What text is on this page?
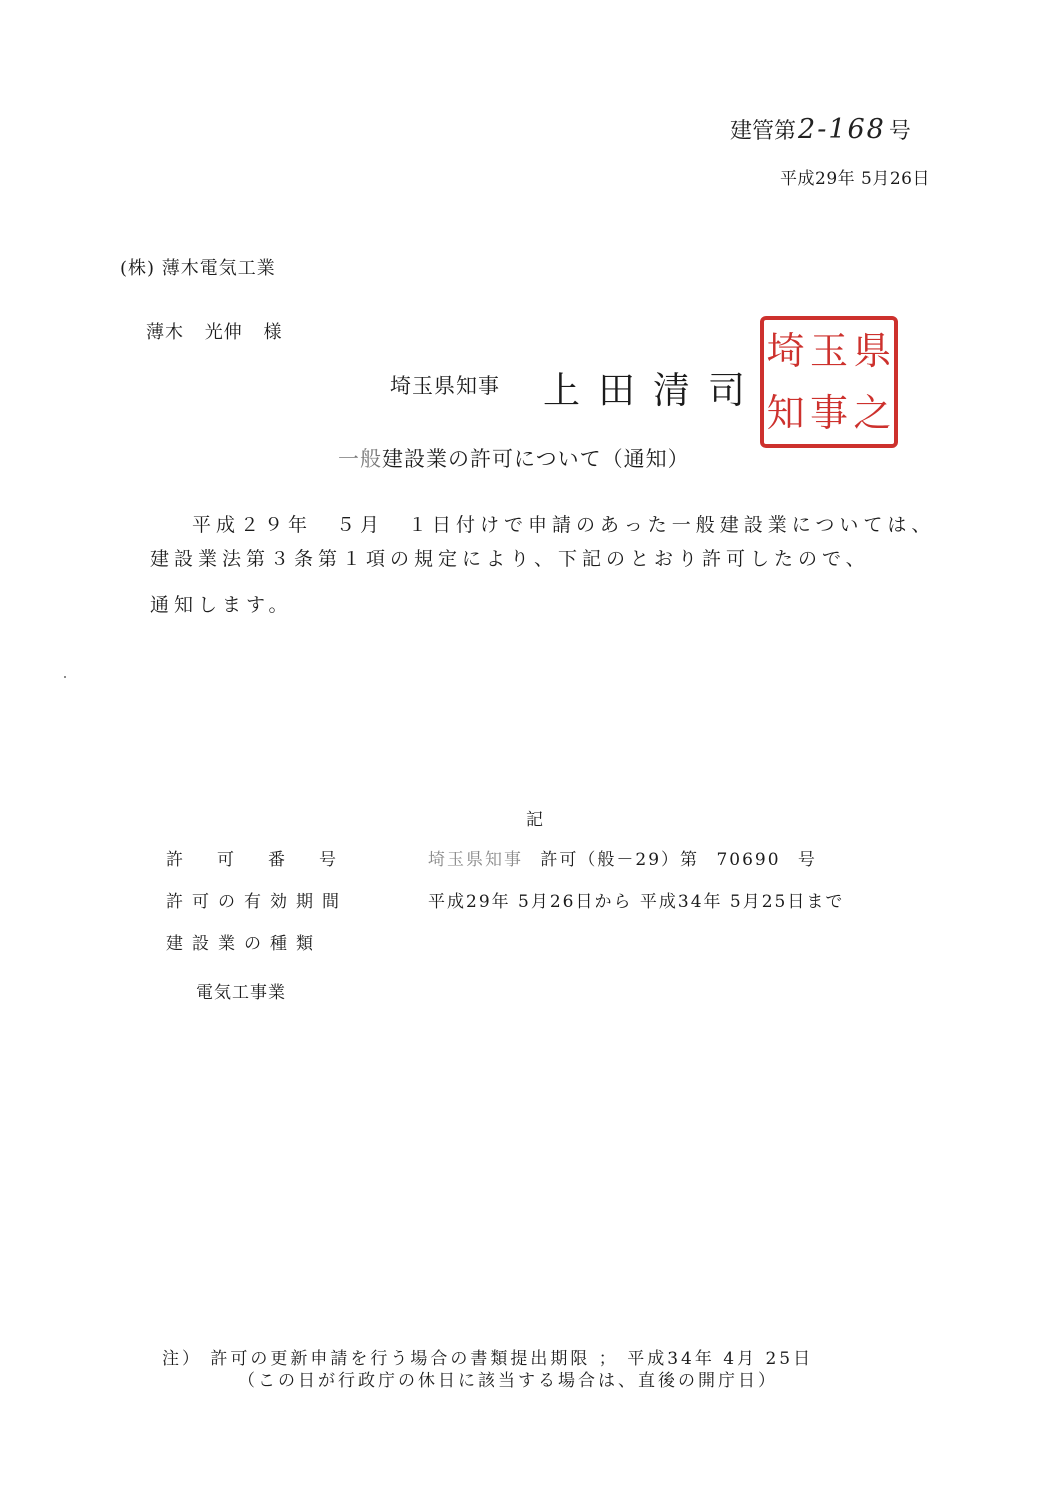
建管第2-168 号
平成29年 5月26日
(株) 薄木電気工業
薄木 光伸 様
埼玉県知事 上田清司
埼 玉 県
知 事 之
一般建設業の許可について（通知）
平成２９年　５月　１日付けで申請のあった一般建設業については、
建設業法第３条第１項の規定により、下記のとおり許可したので、
通知します。
記
許可番号	埼玉県知事 許可（般－29）第 70690 号
許可の有効期間	平成29年 5月26日から 平成34年 5月25日まで
建設業の種類
電気工事業
注） 許可の更新申請を行う場合の書類提出期限 ； 平成34年 4月 25日
（この日が行政庁の休日に該当する場合は、直後の開庁日）
